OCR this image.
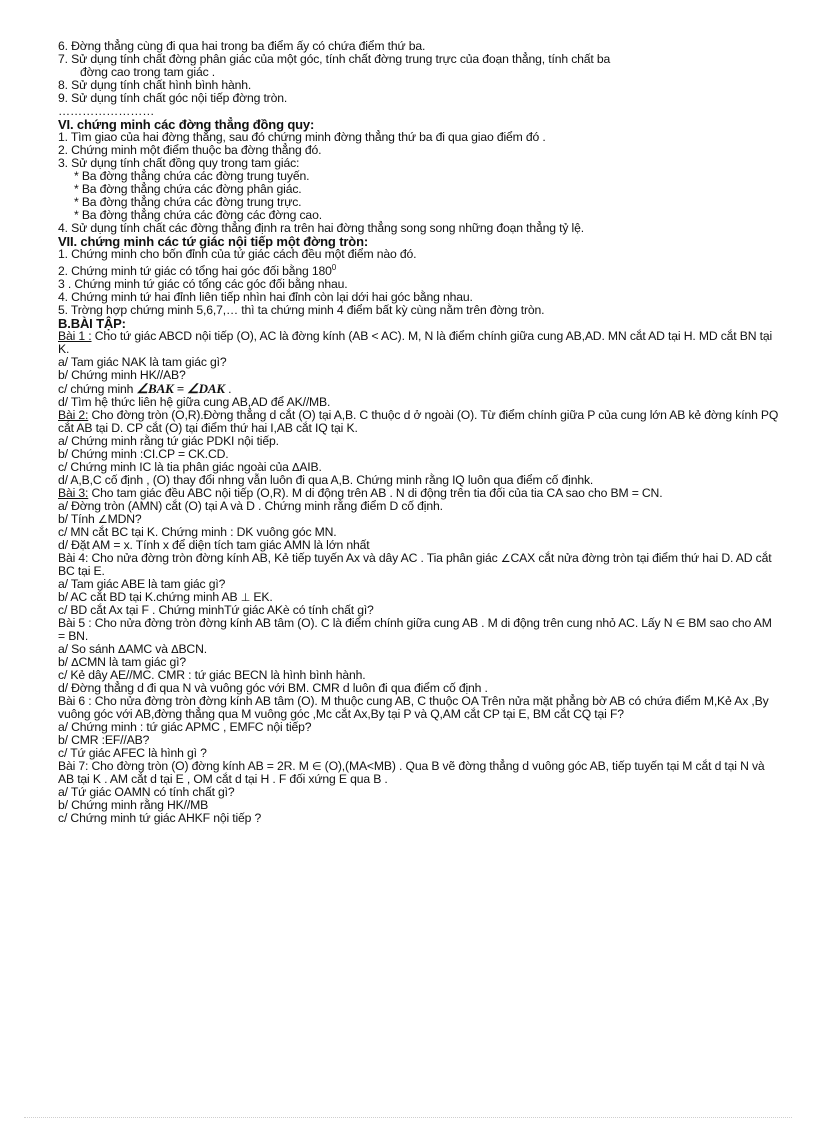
6. Đờng thẳng cùng đi qua hai trong ba điểm ấy có chứa điểm thứ ba.
7. Sử dụng tính chất đờng phân giác của một góc, tính chất đờng trung trực của đoạn thẳng, tính chất ba
đờng cao trong tam giác .
8. Sử dụng tính chất hình bình hành.
9. Sử dụng tính chất góc nội tiếp đờng tròn.
……………………
VI. chứng minh các đờng thẳng đồng quy:
1. Tìm giao của hai đờng thẳng, sau đó chứng minh đờng thẳng thứ ba đi qua giao điểm đó .
2. Chứng minh một điểm thuộc ba đờng thẳng đó.
3. Sử dụng tính chất đồng quy trong tam giác:
* Ba đờng thẳng chứa các đờng trung tuyến.
* Ba đờng thẳng chứa các đờng phân giác.
* Ba đờng thẳng chứa các đờng trung trực.
* Ba đờng thẳng chứa các đờng các đờng cao.
4. Sử dụng tính chất các đờng thẳng định ra trên hai đờng thẳng song song những đoạn thẳng tỷ lệ.
VII. chứng minh các tứ giác nội tiếp một đờng tròn:
1. Chứng minh cho bốn đỉnh của tứ giác cách đều một điểm nào đó.
2. Chứng minh tứ giác có tổng hai góc đối bằng $180^0$
3 . Chứng minh tứ giác có tổng các góc đối bằng nhau.
4. Chứng minh tứ hai đỉnh liên tiếp nhìn hai đỉnh còn lại dới hai góc bằng nhau.
5. Trờng hợp chứng minh 5,6,7,… thì ta chứng minh 4 điểm bất kỳ cùng nằm trên đờng tròn.
B.BÀI TẬP:
Bài 1 : Cho tứ giác ABCD nội tiếp (O), AC là đờng kính (AB < AC). M, N là điểm chính giữa cung AB,AD. MN cắt AD tại H. MD cắt BN tại K.
a/ Tam giác NAK là tam giác gì?
b/ Chứng minh HK//AB?
c/ chứng minh ∠BAK = ∠DAK .
d/ Tìm hệ thức liên hệ giữa cung AB,AD để AK//MB.
Bài 2: Cho đờng tròn (O,R).Đờng thẳng d cắt (O) tại A,B. C thuộc d ở ngoài (O). Từ điểm chính giữa P của cung lớn AB kẻ đờng kính PQ cắt AB tại D. CP cắt (O) tại điểm thứ hai I,AB cắt IQ tại K.
a/ Chứng minh rằng tứ giác PDKI nội tiếp.
b/ Chứng minh :CI.CP = CK.CD.
c/ Chứng minh IC là tia phân giác ngoài của ΔAIB.
d/ A,B,C cố định , (O) thay đổi nhng vẫn luôn đi qua A,B. Chứng minh rằng IQ luôn qua điểm cố địnhk.
Bài 3: Cho tam giác đều ABC nội tiếp (O,R). M di động trên AB . N di động trên tia đối của tia CA sao cho BM = CN.
a/ Đờng tròn (AMN) cắt (O) tại A và D . Chứng minh rằng điểm D cố định.
b/ Tính ∠MDN?
c/ MN cắt BC tại K. Chứng minh : DK vuông góc MN.
d/ Đặt AM = x. Tính x để diện tích tam giác AMN là lớn nhất
Bài 4: Cho nửa đờng tròn đờng kính AB, Kẻ tiếp tuyến Ax và dây AC . Tia phân giác ∠CAX cắt nửa đờng tròn tại điểm thứ hai D. AD cắt BC tại E.
a/ Tam giác ABE là tam giác gì?
b/ AC cắt BD tại K.chứng minh AB ⊥ EK.
c/ BD cắt Ax tại F . Chứng minhTứ giác AKè có tính chất gì?
Bài 5 : Cho nửa đờng tròn đờng kính AB tâm (O). C là điểm chính giữa cung AB . M di động trên cung nhỏ AC. Lấy N ∈ BM sao cho AM = BN.
a/ So sánh ΔAMC và ΔBCN.
b/ ΔCMN là tam giác gì?
c/ Kẻ dây AE//MC. CMR : tứ giác BECN là hình bình hành.
d/ Đờng thẳng d đi qua N và vuông góc với BM. CMR d luôn đi qua điểm cố định .
Bài 6 : Cho nửa đờng tròn đờng kính AB tâm (O). M thuộc cung AB, C thuộc OA Trên nửa mặt phẳng bờ AB có chứa điểm M,Kẻ Ax ,By vuông góc với AB,đờng thẳng qua M vuông góc ,Mc cắt Ax,By tại P và Q,AM cắt CP tại E, BM cắt CQ tại F?
a/ Chứng minh : tứ giác APMC , EMFC nội tiếp?
b/ CMR :EF//AB?
c/ Tứ giác AFEC là hình gì ?
Bài 7: Cho đờng tròn (O) đờng kính AB = 2R. M ∈ (O),(MA<MB) . Qua B vẽ đờng thẳng d vuông góc AB, tiếp tuyến tại M cắt d tại N và AB tại K . AM cắt d tại E , OM cắt d tại H . F đối xứng E qua B .
a/ Tứ giác OAMN có tính chất gì?
b/ Chứng minh rằng HK//MB
c/ Chứng minh tứ giác AHKF nội tiếp ?
